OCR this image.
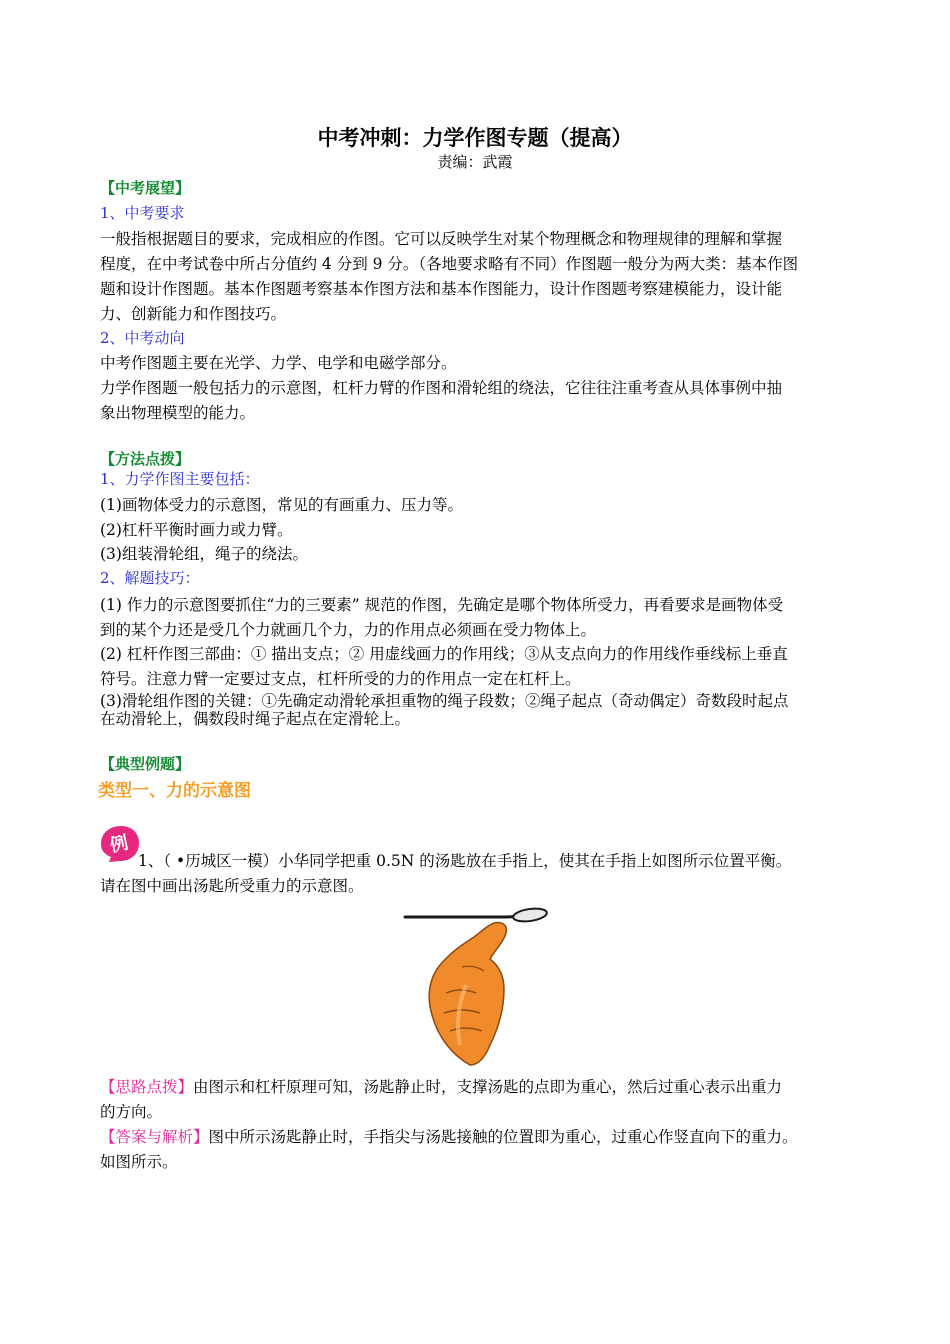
中考冲刺：力学作图专题（提高）
责编：武霞
【中考展望】
1、中考要求
一般指根据题目的要求，完成相应的作图。它可以反映学生对某个物理概念和物理规律的理解和掌握
程度，在中考试卷中所占分值约 4 分到 9 分。（各地要求略有不同）作图题一般分为两大类：基本作图
题和设计作图题。基本作图题考察基本作图方法和基本作图能力，设计作图题考察建模能力，设计能
力、创新能力和作图技巧。
2、中考动向
中考作图题主要在光学、力学、电学和电磁学部分。
力学作图题一般包括力的示意图，杠杆力臂的作图和滑轮组的绕法，它往往注重考查从具体事例中抽
象出物理模型的能力。
【方法点拨】
1、力学作图主要包括：
(1)画物体受力的示意图，常见的有画重力、压力等。
(2)杠杆平衡时画力或力臂。
(3)组装滑轮组，绳子的绕法。
2、解题技巧：
(1) 作力的示意图要抓住“力的三要素” 规范的作图，先确定是哪个物体所受力，再看要求是画物体受
到的某个力还是受几个力就画几个力，力的作用点必须画在受力物体上。
(2) 杠杆作图三部曲：① 描出支点；② 用虚线画力的作用线；③从支点向力的作用线作垂线标上垂直
符号。注意力臂一定要过支点，杠杆所受的力的作用点一定在杠杆上。
(3)滑轮组作图的关键：①先确定动滑轮承担重物的绳子段数；②绳子起点（奇动偶定）奇数段时起点
在动滑轮上，偶数段时绳子起点在定滑轮上。
【典型例题】
类型一、力的示意图
例
1、（ •历城区一模）小华同学把重 0.5N 的汤匙放在手指上，使其在手指上如图所示位置平衡。
请在图中画出汤匙所受重力的示意图。
【思路点拨】由图示和杠杆原理可知，汤匙静止时，支撑汤匙的点即为重心，然后过重心表示出重力
的方向。
【答案与解析】图中所示汤匙静止时，手指尖与汤匙接触的位置即为重心，过重心作竖直向下的重力。
如图所示。
